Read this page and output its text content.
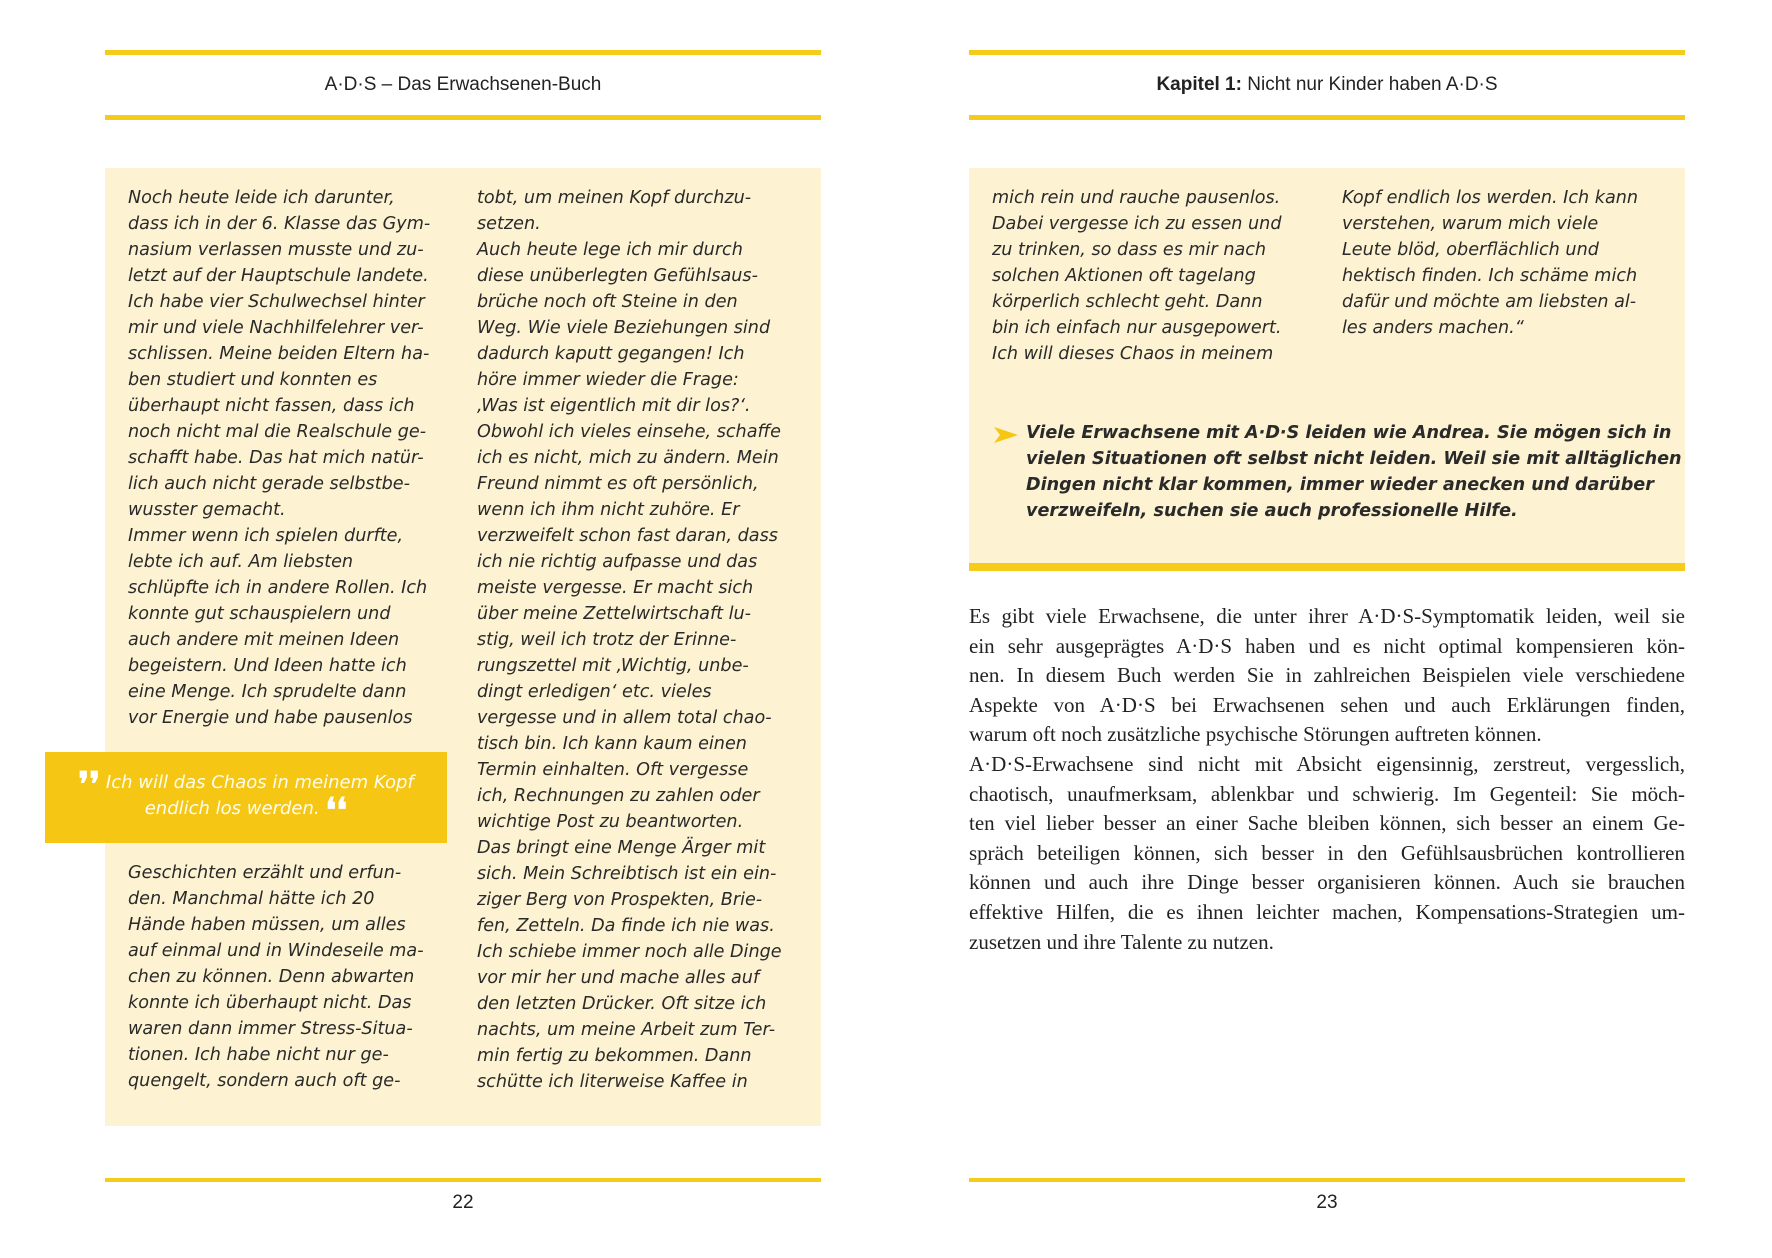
A·D·S – Das Erwachsenen-Buch

Noch heute leide ich darunter,

dass ich in der 6. Klasse das Gym-

nasium verlassen musste und zu-

letzt auf der Hauptschule landete.

Ich habe vier Schulwechsel hinter

mir und viele Nachhilfelehrer ver-

schlissen. Meine beiden Eltern ha-

ben studiert und konnten es

überhaupt nicht fassen, dass ich

noch nicht mal die Realschule ge-

schafft habe. Das hat mich natür-

lich auch nicht gerade selbstbe-

wusster gemacht.

Immer wenn ich spielen durfte,

lebte ich auf. Am liebsten

schlüpfte ich in andere Rollen. Ich

konnte gut schauspielern und

auch andere mit meinen Ideen

begeistern. Und Ideen hatte ich

eine Menge. Ich sprudelte dann

vor Energie und habe pausenlos

❜❜ Ich will das Chaos in meinem Kopf

endlich los werden. ❛❛

Geschichten erzählt und erfun-

den. Manchmal hätte ich 20

Hände haben müssen, um alles

auf einmal und in Windeseile ma-

chen zu können. Denn abwarten

konnte ich überhaupt nicht. Das

waren dann immer Stress-Situa-

tionen. Ich habe nicht nur ge-

quengelt, sondern auch oft ge-

tobt, um meinen Kopf durchzu-

setzen.

Auch heute lege ich mir durch

diese unüberlegten Gefühlsaus-

brüche noch oft Steine in den

Weg. Wie viele Beziehungen sind

dadurch kaputt gegangen! Ich

höre immer wieder die Frage:

‚Was ist eigentlich mit dir los?‘.

Obwohl ich vieles einsehe, schaffe

ich es nicht, mich zu ändern. Mein

Freund nimmt es oft persönlich,

wenn ich ihm nicht zuhöre. Er

verzweifelt schon fast daran, dass

ich nie richtig aufpasse und das

meiste vergesse. Er macht sich

über meine Zettelwirtschaft lu-

stig, weil ich trotz der Erinne-

rungszettel mit ‚Wichtig, unbe-

dingt erledigen‘ etc. vieles

vergesse und in allem total chao-

tisch bin. Ich kann kaum einen

Termin einhalten. Oft vergesse

ich, Rechnungen zu zahlen oder

wichtige Post zu beantworten.

Das bringt eine Menge Ärger mit

sich. Mein Schreibtisch ist ein ein-

ziger Berg von Prospekten, Brie-

fen, Zetteln. Da finde ich nie was.

Ich schiebe immer noch alle Dinge

vor mir her und mache alles auf

den letzten Drücker. Oft sitze ich

nachts, um meine Arbeit zum Ter-

min fertig zu bekommen. Dann

schütte ich literweise Kaffee in

22
Kapitel 1: Nicht nur Kinder haben A·D·S

mich rein und rauche pausenlos.

Dabei vergesse ich zu essen und

zu trinken, so dass es mir nach

solchen Aktionen oft tagelang

körperlich schlecht geht. Dann

bin ich einfach nur ausgepowert.

Ich will dieses Chaos in meinem

Kopf endlich los werden. Ich kann

verstehen, warum mich viele

Leute blöd, oberflächlich und

hektisch finden. Ich schäme mich

dafür und möchte am liebsten al-

les anders machen.“

Viele Erwachsene mit A·D·S leiden wie Andrea. Sie mögen sich in

vielen Situationen oft selbst nicht leiden. Weil sie mit alltäglichen

Dingen nicht klar kommen, immer wieder anecken und darüber

verzweifeln, suchen sie auch professionelle Hilfe.

Es gibt viele Erwachsene, die unter ihrer A·D·S-Symptomatik leiden, weil sie

ein sehr ausgeprägtes A·D·S haben und es nicht optimal kompensieren kön-

nen. In diesem Buch werden Sie in zahlreichen Beispielen viele verschiedene

Aspekte von A·D·S bei Erwachsenen sehen und auch Erklärungen finden,

warum oft noch zusätzliche psychische Störungen auftreten können.

A·D·S-Erwachsene sind nicht mit Absicht eigensinnig, zerstreut, vergesslich,

chaotisch, unaufmerksam, ablenkbar und schwierig. Im Gegenteil: Sie möch-

ten viel lieber besser an einer Sache bleiben können, sich besser an einem Ge-

spräch beteiligen können, sich besser in den Gefühlsausbrüchen kontrollieren

können und auch ihre Dinge besser organisieren können. Auch sie brauchen

effektive Hilfen, die es ihnen leichter machen, Kompensations-Strategien um-

zusetzen und ihre Talente zu nutzen.

23
